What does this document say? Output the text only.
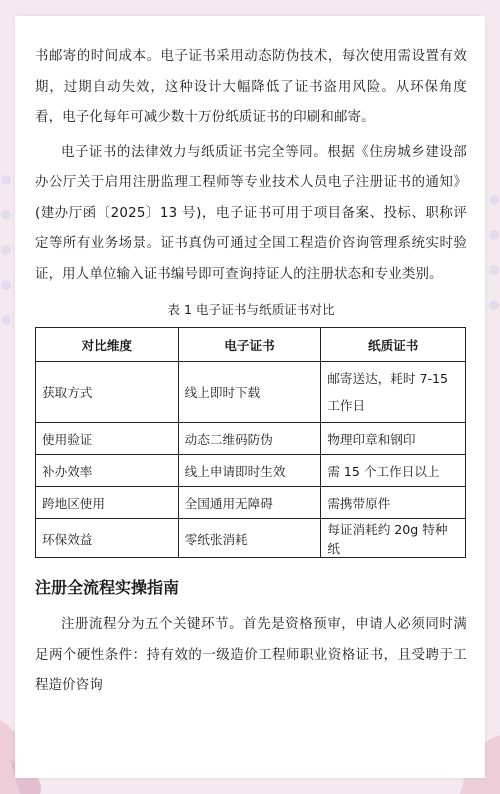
书邮寄的时间成本。电子证书采用动态防伪技术，每次使用需设置有效期，过期自动失效，这种设计大幅降低了证书盗用风险。从环保角度看，电子化每年可减少数十万份纸质证书的印刷和邮寄。

电子证书的法律效力与纸质证书完全等同。根据《住房城乡建设部办公厅关于启用注册监理工程师等专业技术人员电子注册证书的通知》(建办厅函〔2025〕13 号)，电子证书可用于项目备案、投标、职称评定等所有业务场景。证书真伪可通过全国工程造价咨询管理系统实时验证，用人单位输入证书编号即可查询持证人的注册状态和专业类别。

表 1 电子证书与纸质证书对比
对比维度	电子证书	纸质证书
获取方式	线上即时下载	邮寄送达，耗时 7-15 工作日
使用验证	动态二维码防伪	物理印章和钢印
补办效率	线上申请即时生效	需 15 个工作日以上
跨地区使用	全国通用无障碍	需携带原件
环保效益	零纸张消耗	每证消耗约 20g 特种纸
注册全流程实操指南

注册流程分为五个关键环节。首先是资格预审，申请人必须同时满足两个硬性条件：持有效的一级造价工程师职业资格证书，且受聘于工程造价咨询
